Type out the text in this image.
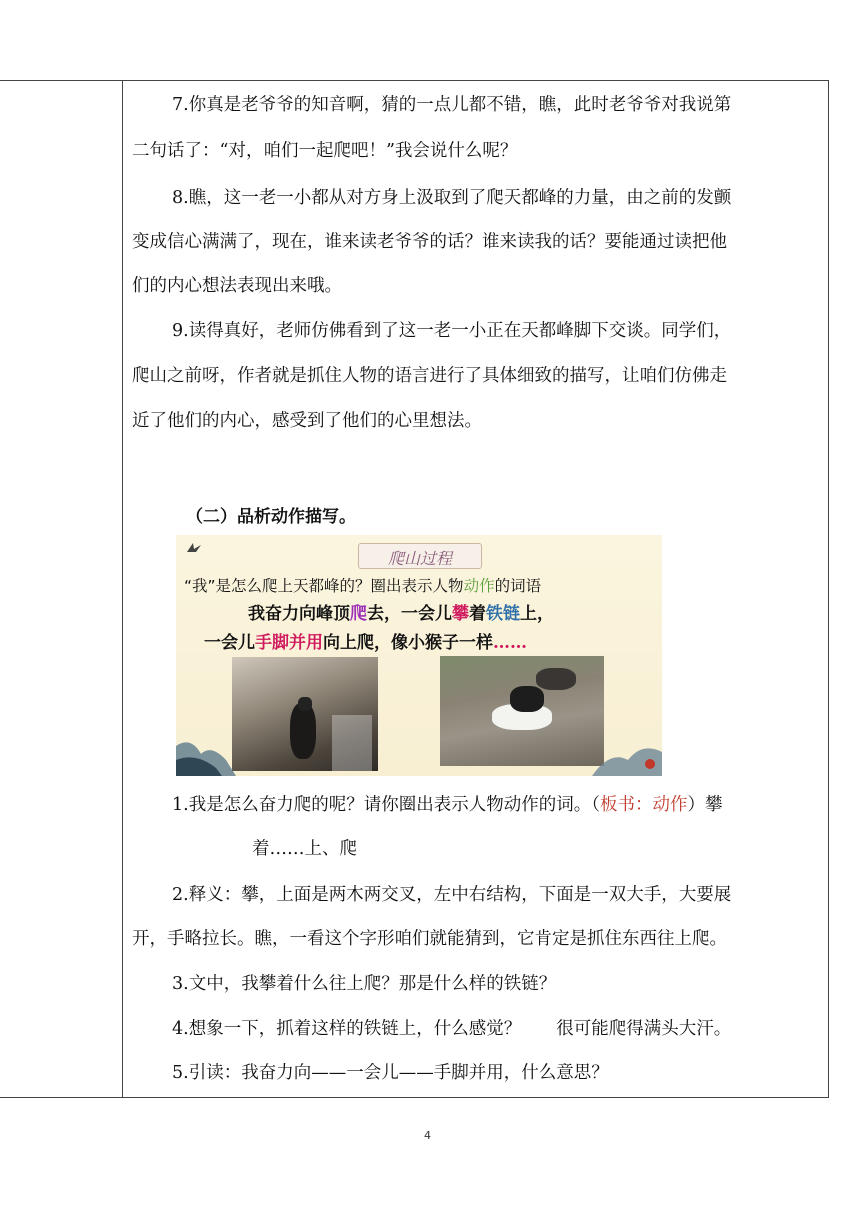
7.你真是老爷爷的知音啊，猜的一点儿都不错，瞧，此时老爷爷对我说第
二句话了：“对，咱们一起爬吧！”我会说什么呢？
8.瞧，这一老一小都从对方身上汲取到了爬天都峰的力量，由之前的发颤
变成信心满满了，现在，谁来读老爷爷的话？谁来读我的话？要能通过读把他
们的内心想法表现出来哦。
9.读得真好，老师仿佛看到了这一老一小正在天都峰脚下交谈。同学们，
爬山之前呀，作者就是抓住人物的语言进行了具体细致的描写，让咱们仿佛走
近了他们的内心，感受到了他们的心里想法。
（二）品析动作描写。
爬山过程
“我”是怎么爬上天都峰的？圈出表示人物动作的词语
我奋力向峰顶爬去，一会儿攀着铁链上，
一会儿手脚并用向上爬，像小猴子一样……
1.我是怎么奋力爬的呢？请你圈出表示人物动作的词。（板书：动作）攀
着……上、爬
2.释义：攀，上面是两木两交叉，左中右结构，下面是一双大手，大要展
开，手略拉长。瞧，一看这个字形咱们就能猜到，它肯定是抓住东西往上爬。
3.文中，我攀着什么往上爬？那是什么样的铁链？
4.想象一下，抓着这样的铁链上，什么感觉？　　很可能爬得满头大汗。
5.引读：我奋力向——一会儿——手脚并用，什么意思？
4
